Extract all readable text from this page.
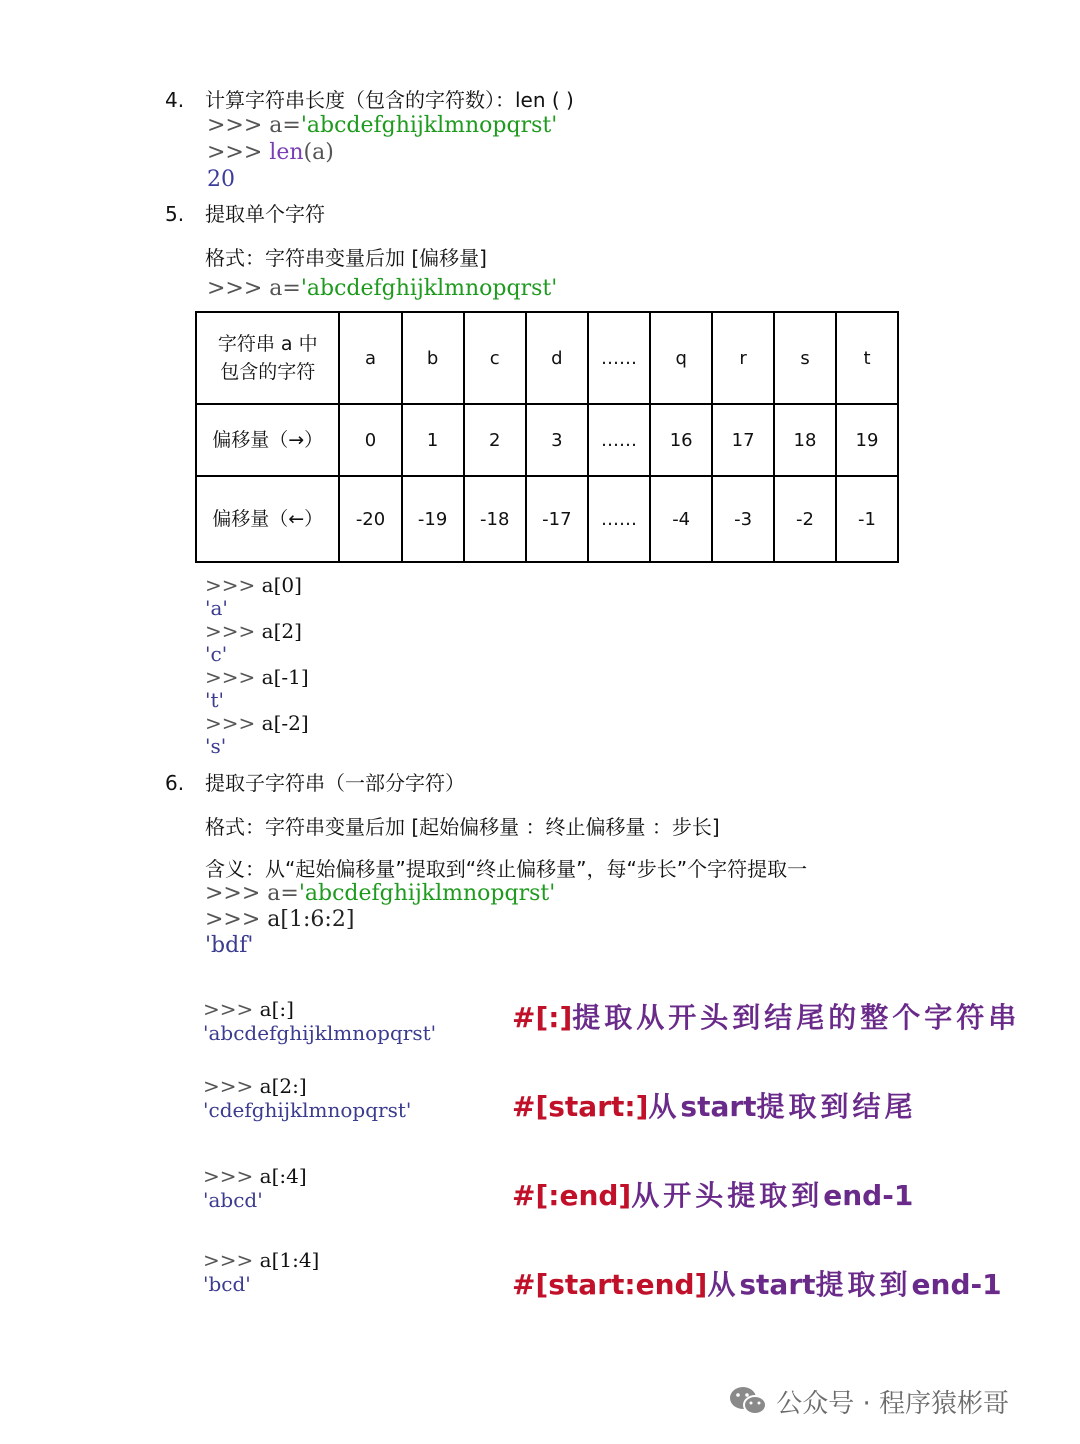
4. 计算字符串长度（包含的字符数）：len ( )
>>> a='abcdefghijklmnopqrst'
>>> len(a)
20
5. 提取单个字符
格式：字符串变量后加 [偏移量]
>>> a='abcdefghijklmnopqrst'
字符串 a 中
包含的字符	a	b	c	d	……	q	r	s	t
偏移量（→）	0	1	2	3	……	16	17	18	19
偏移量（←）	-20	-19	-18	-17	……	-4	-3	-2	-1
>>> a[0]
'a'
>>> a[2]
'c'
>>> a[-1]
't'
>>> a[-2]
's'
6. 提取子字符串（一部分字符）
格式：字符串变量后加 [起始偏移量 ：终止偏移量 ：步长]
含义：从“起始偏移量”提取到“终止偏移量”，每“步长”个字符提取一
>>> a='abcdefghijklmnopqrst'
>>> a[1:6:2]
'bdf'
>>> a[:]
'abcdefghijklmnopqrst'	#[:]提取从开头到结尾的整个字符串
>>> a[2:]
'cdefghijklmnopqrst'	#[start:]从start提取到结尾
>>> a[:4]
'abcd'	#[:end]从开头提取到end-1
>>> a[1:4]
'bcd'	#[start:end]从start提取到end-1
公众号 · 程序猿彬哥
